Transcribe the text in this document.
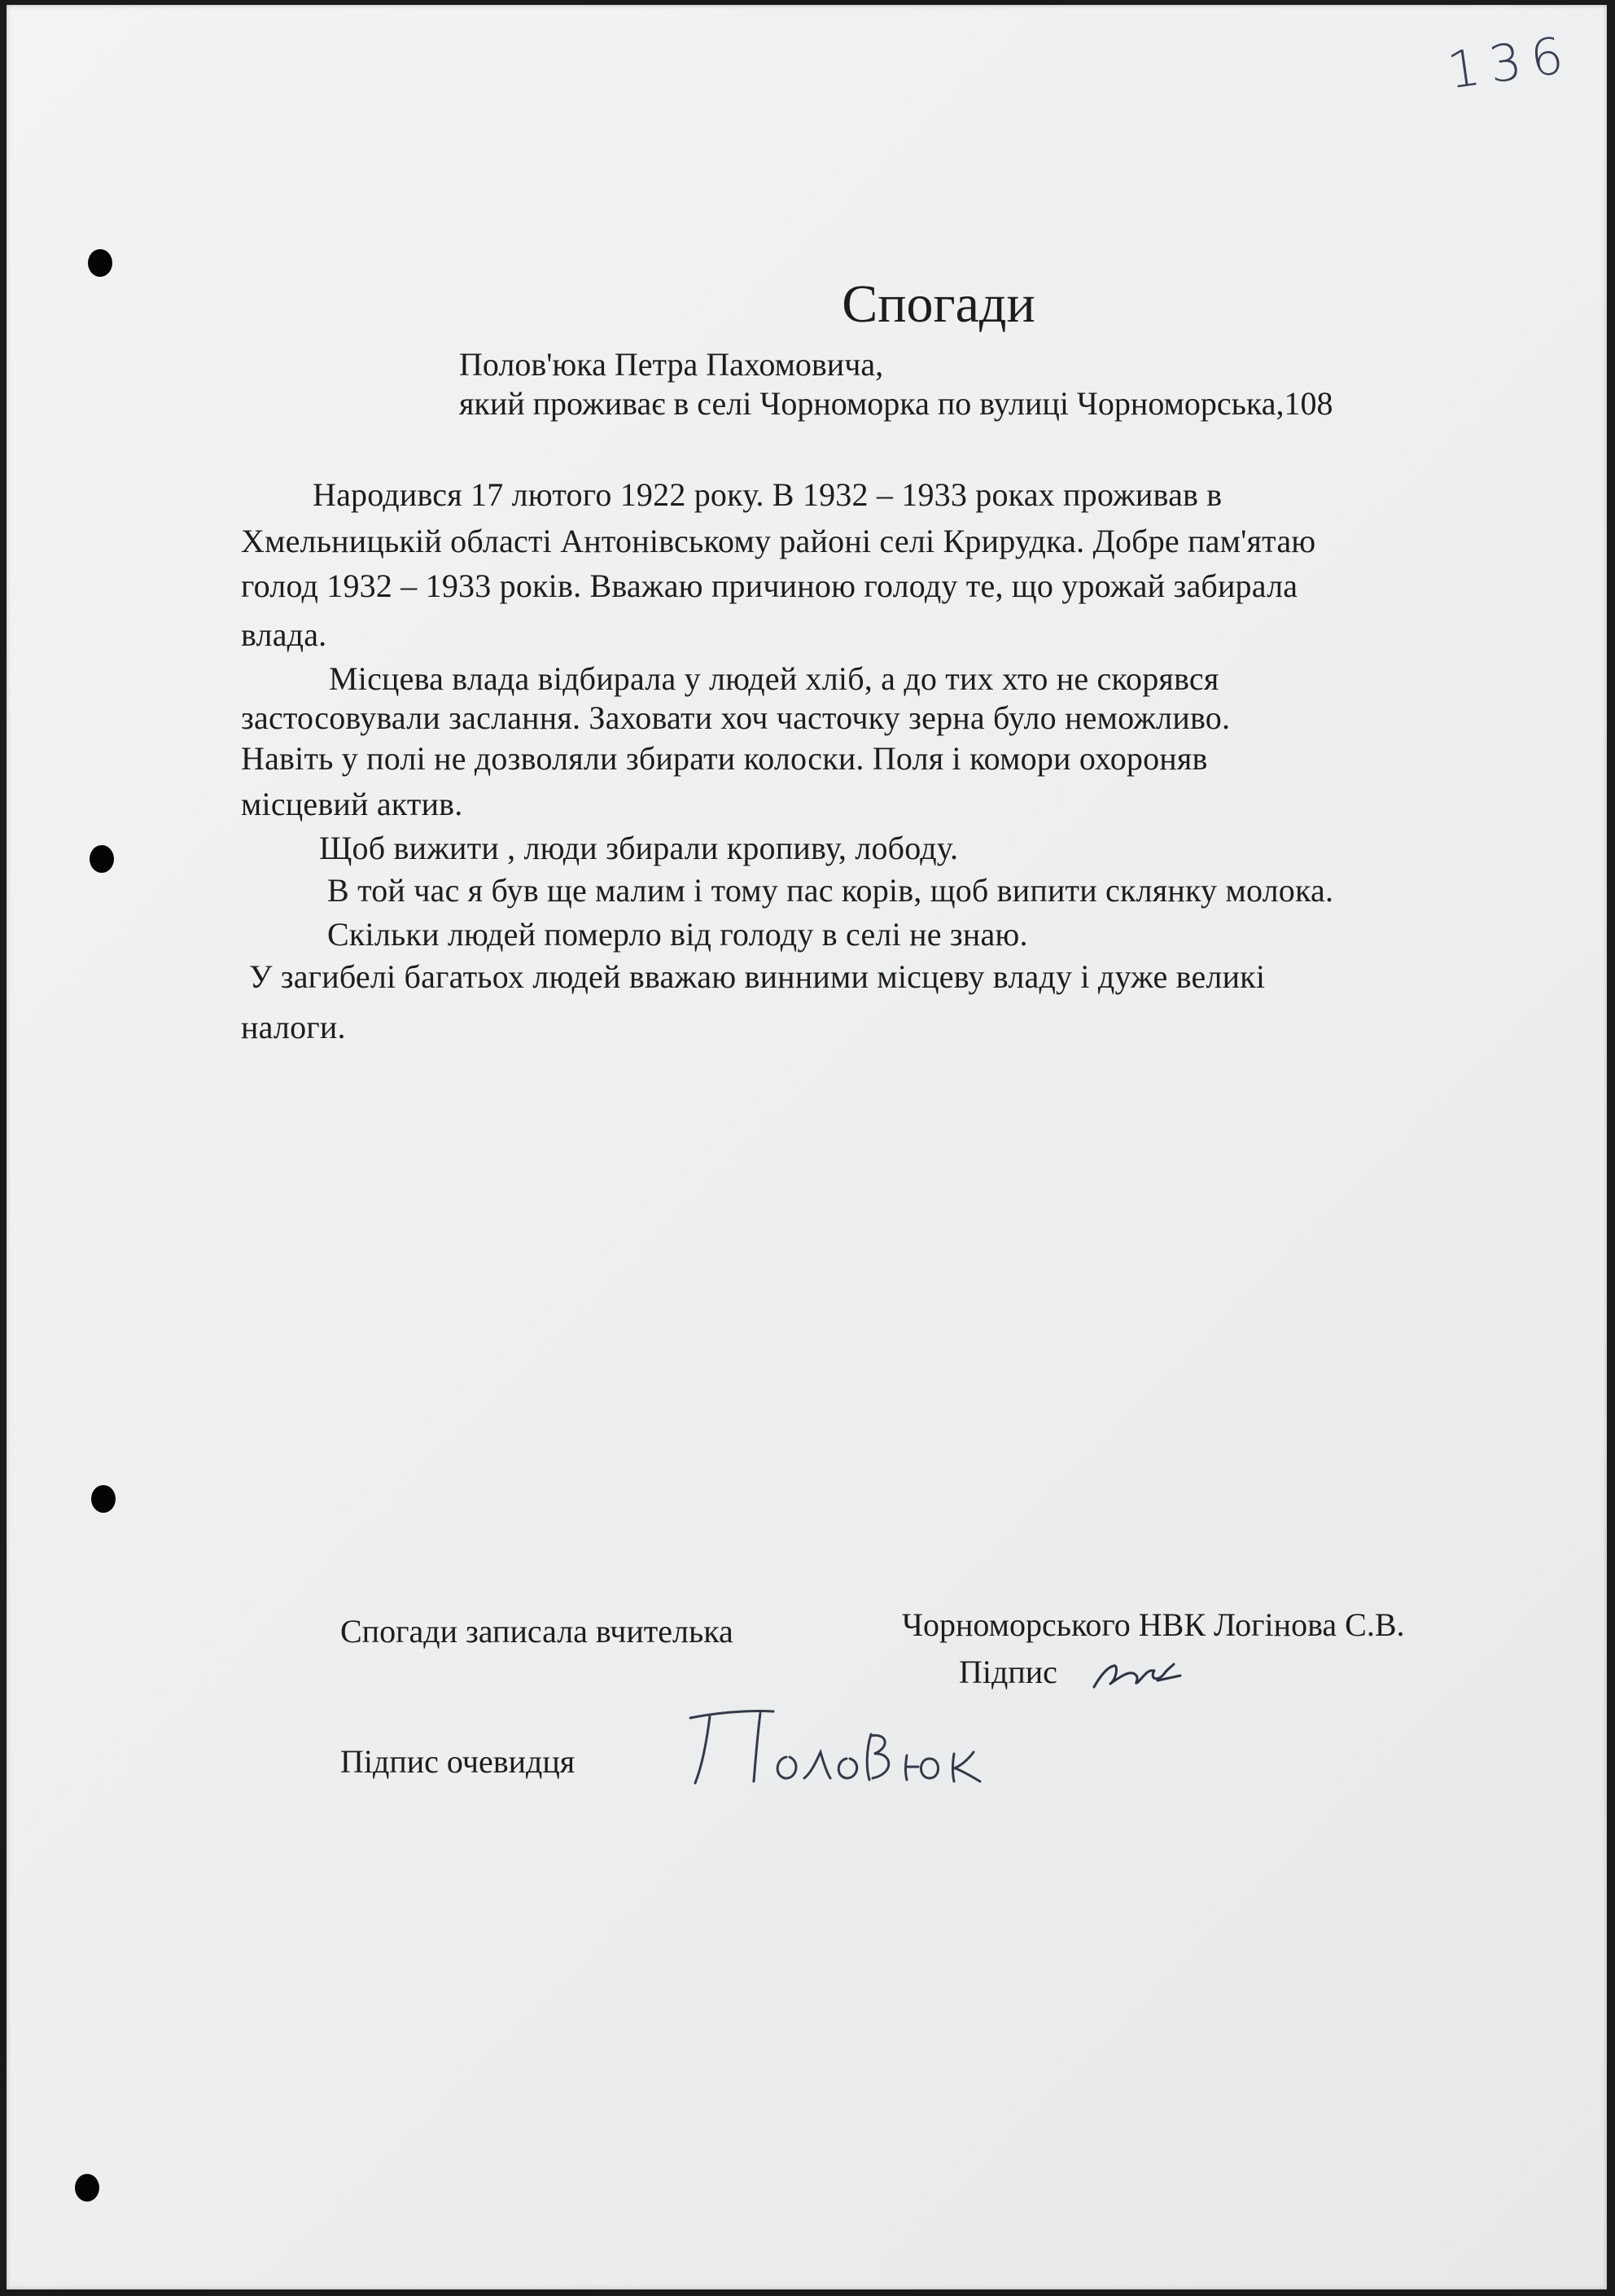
136
Спогади
Полов'юка Петра Пахомовича,
який проживає в селі Чорноморка по вулиці Чорноморська,108
Народився 17 лютого 1922 року. В 1932 – 1933 роках проживав в
Хмельницькій області Антонівському районі селі Крирудка. Добре пам'ятаю
голод 1932 – 1933 років. Вважаю причиною голоду те, що урожай забирала
влада.
Місцева влада відбирала у людей хліб, а до тих хто не скорявся
застосовували заслання. Заховати хоч часточку зерна було неможливо.
Навіть у полі не дозволяли збирати колоски. Поля і комори охороняв
місцевий актив.
Щоб вижити , люди збирали кропиву, лободу.
В той час я був ще малим і тому пас корів, щоб випити склянку молока.
Скільки людей померло від голоду в селі не знаю.
У загибелі багатьох людей вважаю винними місцеву владу і дуже великі
налоги.
Спогади записала вчителька	Чорноморського НВК Логінова С.В.
Підпис
Підпис очевидця
